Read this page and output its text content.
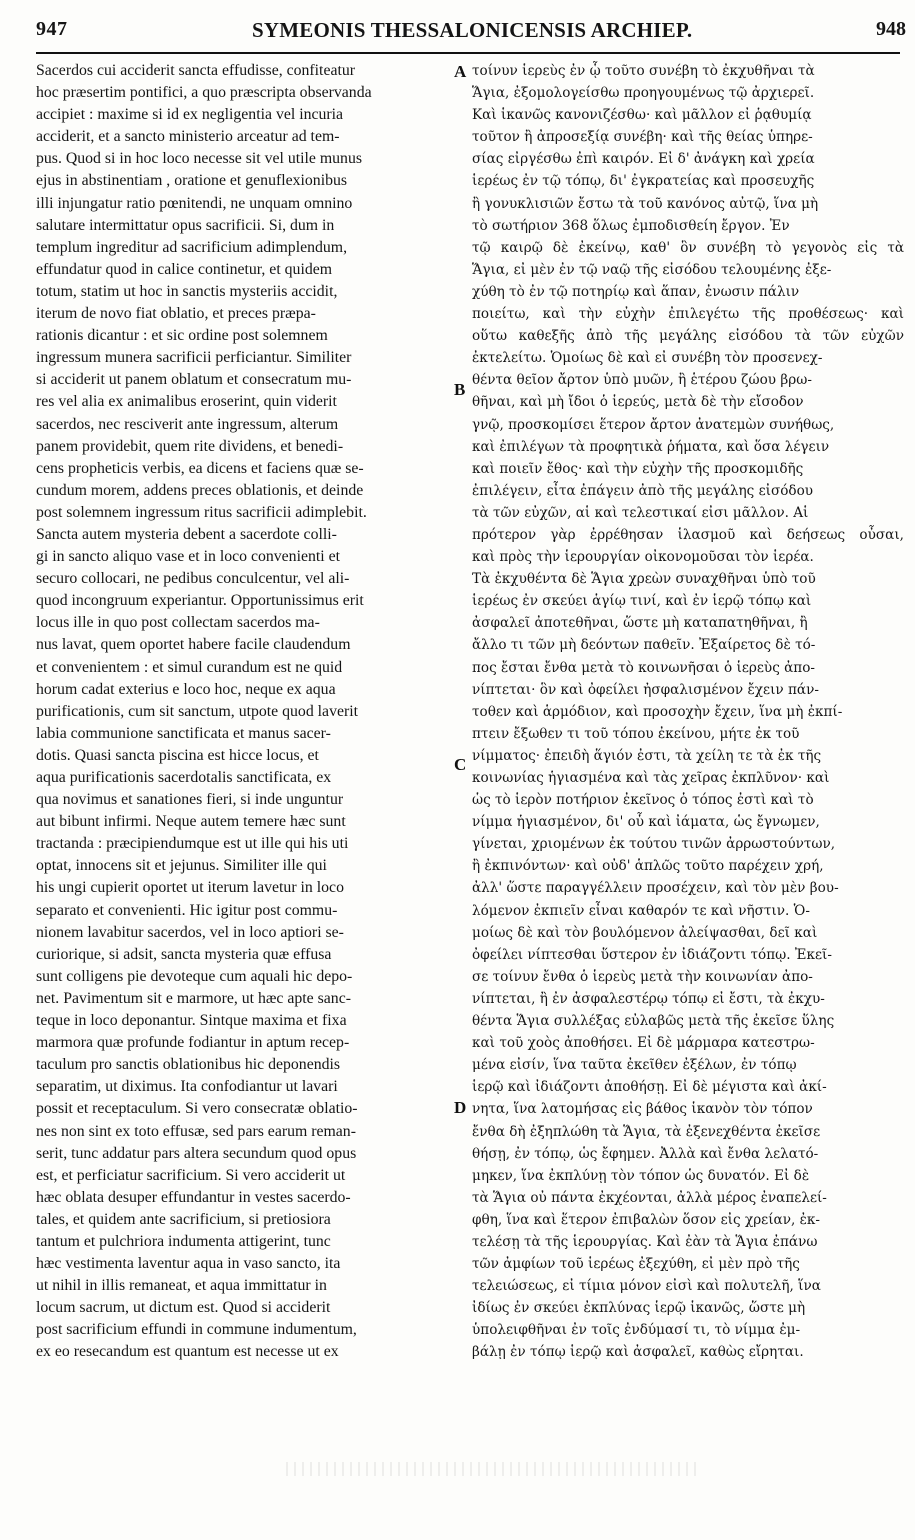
947	SYMEONIS THESSALONICENSIS ARCHIEP.	948
Sacerdos cui acciderit sancta effudisse, confiteatur
hoc præsertim pontifici, a quo præscripta observanda
accipiet : maxime si id ex negligentia vel incuria
acciderit, et a sancto ministerio arceatur ad tem-
pus. Quod si in hoc loco necesse sit vel utile munus
ejus in abstinentiam , oratione et genuflexionibus
illi injungatur ratio pœnitendi, ne unquam omnino
salutare intermittatur opus sacrificii. Si, dum in
templum ingreditur ad sacrificium adimplendum,
effundatur quod in calice continetur, et quidem
totum, statim ut hoc in sanctis mysteriis accidit,
iterum de novo fiat oblatio, et preces præpa-
rationis dicantur : et sic ordine post solemnem
ingressum munera sacrificii perficiantur. Similiter
si acciderit ut panem oblatum et consecratum mu-
res vel alia ex animalibus eroserint, quin viderit
sacerdos, nec resciverit ante ingressum, alterum
panem providebit, quem rite dividens, et benedi-
cens propheticis verbis, ea dicens et faciens quæ se-
cundum morem, addens preces oblationis, et deinde
post solemnem ingressum ritus sacrificii adimplebit.
Sancta autem mysteria debent a sacerdote colli-
gi in sancto aliquo vase et in loco convenienti et
securo collocari, ne pedibus conculcentur, vel ali-
quod incongruum experiantur. Opportunissimus erit
locus ille in quo post collectam sacerdos ma-
nus lavat, quem oportet habere facile claudendum
et convenientem : et simul curandum est ne quid
horum cadat exterius e loco hoc, neque ex aqua
purificationis, cum sit sanctum, utpote quod laverit
labia communione sanctificata et manus sacer-
dotis. Quasi sancta piscina est hicce locus, et
aqua purificationis sacerdotalis sanctificata, ex
qua novimus et sanationes fieri, si inde unguntur
aut bibunt infirmi. Neque autem temere hæc sunt
tractanda : præcipiendumque est ut ille qui his uti
optat, innocens sit et jejunus. Similiter ille qui
his ungi cupierit oportet ut iterum lavetur in loco
separato et convenienti. Hic igitur post commu-
nionem lavabitur sacerdos, vel in loco aptiori se-
curiorique, si adsit, sancta mysteria quæ effusa
sunt colligens pie devoteque cum aquali hic depo-
net. Pavimentum sit e marmore, ut hæc apte sanc-
teque in loco deponantur. Sintque maxima et fixa
marmora quæ profunde fodiantur in aptum recep-
taculum pro sanctis oblationibus hic deponendis
separatim, ut diximus. Ita confodiantur ut lavari
possit et receptaculum. Si vero consecratæ oblatio-
nes non sint ex toto effusæ, sed pars earum reman-
serit, tunc addatur pars altera secundum quod opus
est, et perficiatur sacrificium. Si vero acciderit ut
hæc oblata desuper effundantur in vestes sacerdo-
tales, et quidem ante sacrificium, si pretiosiora
tantum et pulchriora indumenta attigerint, tunc
hæc vestimenta laventur aqua in vaso sancto, ita
ut nihil in illis remaneat, et aqua immittatur in
locum sacrum, ut dictum est. Quod si acciderit
post sacrificium effundi in commune indumentum,
ex eo resecandum est quantum est necesse ut ex
τοίνυν ἱερεὺς ἐν ᾧ τοῦτο συνέβη τὸ ἐκχυθῆναι τὰ
Ἅγια, ἐξομολογείσθω προηγουμένως τῷ ἀρχιερεῖ.
Καὶ ἱκανῶς κανονιζέσθω· καὶ μᾶλλον εἰ ῥᾳθυμίᾳ
τοῦτον ἢ ἀπροσεξίᾳ συνέβη· καὶ τῆς θείας ὑπηρε-
σίας εἰργέσθω ἐπὶ καιρόν. Εἰ δ' ἀνάγκη καὶ χρεία
ἱερέως ἐν τῷ τόπῳ, δι' ἐγκρατείας καὶ προσευχῆς
ἢ γονυκλισιῶν ἔστω τὰ τοῦ κανόνος αὐτῷ, ἵνα μὴ
τὸ σωτήριον 368 ὅλως ἐμποδισθείη ἔργον. Ἐν
τῷ καιρῷ δὲ ἐκείνῳ, καθ' ὃν συνέβη τὸ γεγονὸς εἰς τὰ
Ἅγια, εἰ μὲν ἐν τῷ ναῷ τῆς εἰσόδου τελουμένης ἐξε-
χύθη τὸ ἐν τῷ ποτηρίῳ καὶ ἅπαν, ἐνωσιν πάλιν
ποιείτω, καὶ τὴν εὐχὴν ἐπιλεγέτω τῆς προθέσεως· καὶ
οὕτω καθεξῆς ἀπὸ τῆς μεγάλης εἰσόδου τὰ τῶν εὐχῶν
ἐκτελείτω. Ὁμοίως δὲ καὶ εἰ συνέβη τὸν προσενεχ-
θέντα θεῖον ἄρτον ὑπὸ μυῶν, ἢ ἑτέρου ζώου βρω-
θῆναι, καὶ μὴ ἴδοι ὁ ἱερεύς, μετὰ δὲ τὴν εἴσοδον
γνῷ, προσκομίσει ἕτερον ἄρτον ἀνατεμὼν συνήθως,
καὶ ἐπιλέγων τὰ προφητικὰ ῥήματα, καὶ ὅσα λέγειν
καὶ ποιεῖν ἔθος· καὶ τὴν εὐχὴν τῆς προσκομιδῆς
ἐπιλέγειν, εἶτα ἐπάγειν ἀπὸ τῆς μεγάλης εἰσόδου
τὰ τῶν εὐχῶν, αἱ καὶ τελεστικαί εἰσι μᾶλλον. Αἱ
πρότερον γὰρ ἐρρέθησαν ἱλασμοῦ καὶ δεήσεως οὖσαι,
καὶ πρὸς τὴν ἱερουργίαν οἰκονομοῦσαι τὸν ἱερέα.
Τὰ ἐκχυθέντα δὲ Ἅγια χρεὼν συναχθῆναι ὑπὸ τοῦ
ἱερέως ἐν σκεύει ἁγίῳ τινί, καὶ ἐν ἱερῷ τόπῳ καὶ
ἀσφαλεῖ ἀποτεθῆναι, ὥστε μὴ καταπατηθῆναι, ἢ
ἄλλο τι τῶν μὴ δεόντων παθεῖν. Ἐξαίρετος δὲ τό-
πος ἔσται ἔνθα μετὰ τὸ κοινωνῆσαι ὁ ἱερεὺς ἀπο-
νίπτεται· ὃν καὶ ὀφείλει ἠσφαλισμένον ἔχειν πάν-
τοθεν καὶ ἁρμόδιον, καὶ προσοχὴν ἔχειν, ἵνα μὴ ἐκπί-
πτειν ἔξωθεν τι τοῦ τόπου ἐκείνου, μήτε ἐκ τοῦ
νίμματος· ἐπειδὴ ἅγιόν ἐστι, τὰ χείλη τε τὰ ἐκ τῆς
κοινωνίας ἡγιασμένα καὶ τὰς χεῖρας ἐκπλῦνον· καὶ
ὡς τὸ ἱερὸν ποτήριον ἐκεῖνος ὁ τόπος ἐστὶ καὶ τὸ
νίμμα ἡγιασμένον, δι' οὗ καὶ ἰάματα, ὡς ἔγνωμεν,
γίνεται, χριομένων ἐκ τούτου τινῶν ἀρρωστούντων,
ἢ ἐκπινόντων· καὶ οὐδ' ἁπλῶς τοῦτο παρέχειν χρή,
ἀλλ' ὥστε παραγγέλλειν προσέχειν, καὶ τὸν μὲν βου-
λόμενον ἐκπιεῖν εἶναι καθαρόν τε καὶ νῆστιν. Ὁ-
μοίως δὲ καὶ τὸν βουλόμενον ἀλείψασθαι, δεῖ καὶ
ὀφείλει νίπτεσθαι ὕστερον ἐν ἰδιάζοντι τόπῳ. Ἐκεῖ-
σε τοίνυν ἔνθα ὁ ἱερεὺς μετὰ τὴν κοινωνίαν ἀπο-
νίπτεται, ἢ ἐν ἀσφαλεστέρῳ τόπῳ εἰ ἔστι, τὰ ἐκχυ-
θέντα Ἅγια συλλέξας εὐλαβῶς μετὰ τῆς ἐκεῖσε ὕλης
καὶ τοῦ χοὸς ἀποθήσει. Εἰ δὲ μάρμαρα κατεστρω-
μένα εἰσίν, ἵνα ταῦτα ἐκεῖθεν ἐξέλων, ἐν τόπῳ
ἱερῷ καὶ ἰδιάζοντι ἀποθήσῃ. Εἰ δὲ μέγιστα καὶ ἀκί-
νητα, ἵνα λατομήσας εἰς βάθος ἱκανὸν τὸν τόπον
ἔνθα δὴ ἐξηπλώθη τὰ Ἅγια, τὰ ἐξενεχθέντα ἐκεῖσε
θήσῃ, ἐν τόπῳ, ὡς ἔφημεν. Ἀλλὰ καὶ ἔνθα λελατό-
μηκεν, ἵνα ἐκπλύνῃ τὸν τόπον ὡς δυνατόν. Εἰ δὲ
τὰ Ἅγια οὐ πάντα ἐκχέονται, ἀλλὰ μέρος ἐναπελεί-
φθη, ἵνα καὶ ἕτερον ἐπιβαλὼν ὅσον εἰς χρείαν, ἐκ-
τελέσῃ τὰ τῆς ἱερουργίας. Καὶ ἐὰν τὰ Ἅγια ἐπάνω
τῶν ἀμφίων τοῦ ἱερέως ἐξεχύθη, εἰ μὲν πρὸ τῆς
τελειώσεως, εἰ τίμια μόνον εἰσὶ καὶ πολυτελῆ, ἵνα
ἰδίως ἐν σκεύει ἐκπλύνας ἱερῷ ἱκανῶς, ὥστε μὴ
ὑπολειφθῆναι ἐν τοῖς ἐνδύμασί τι, τὸ νίμμα ἐμ-
βάλῃ ἐν τόπῳ ἱερῷ καὶ ἀσφαλεῖ, καθὼς εἴρηται.
A
B
C
D
